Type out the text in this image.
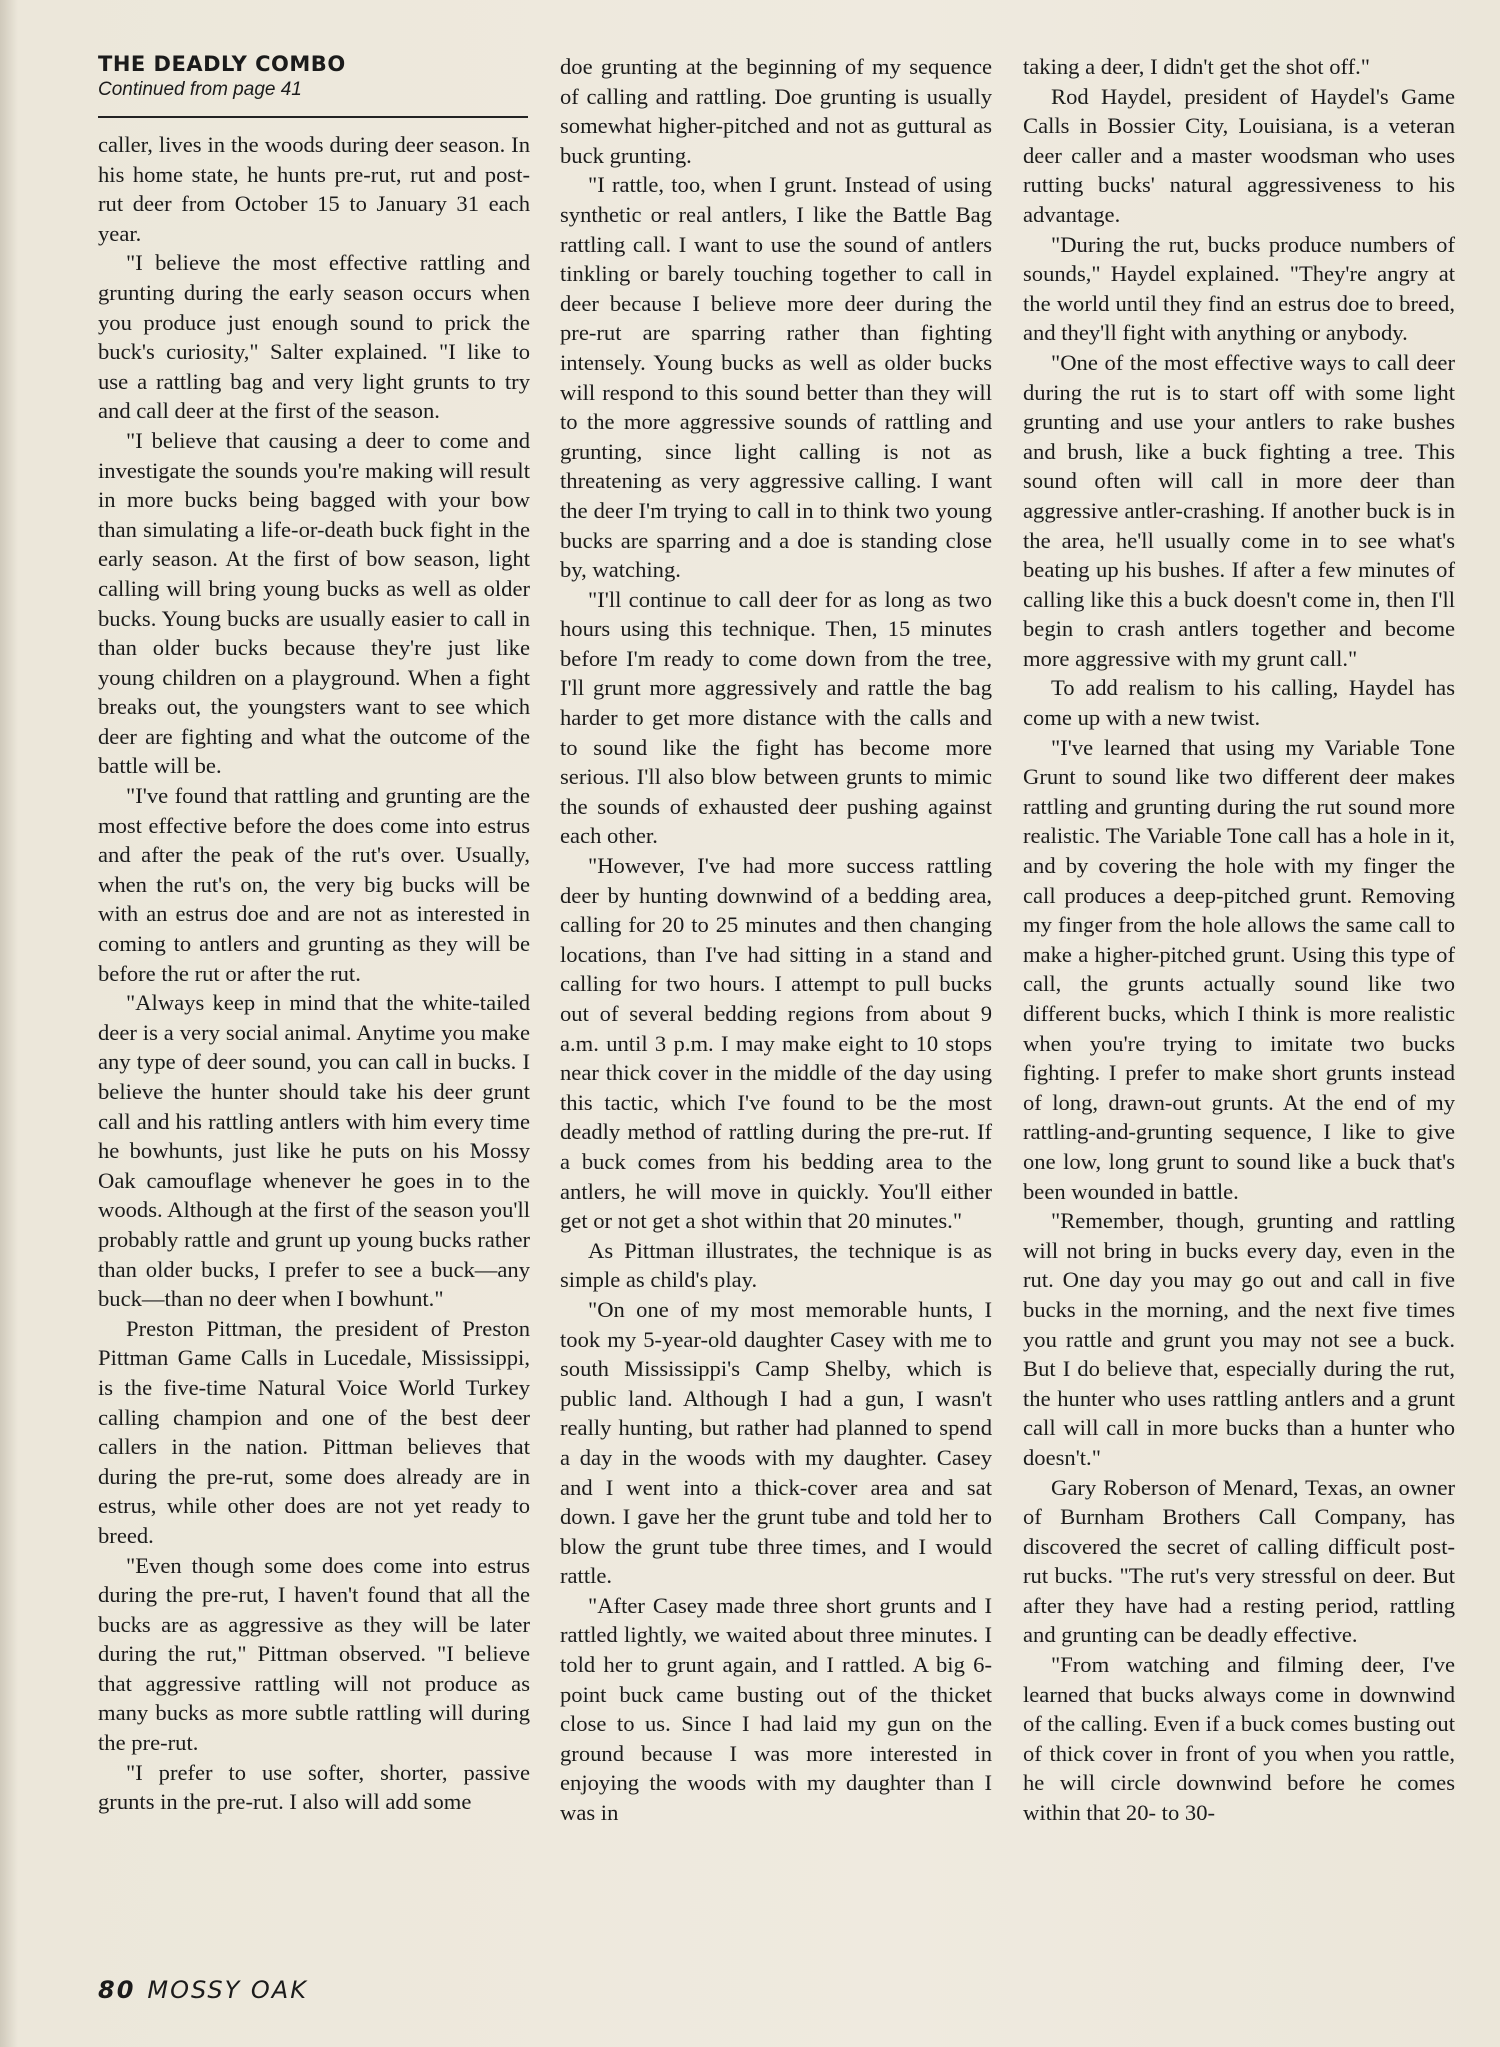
THE DEADLY COMBO
Continued from page 41

caller, lives in the woods during deer season. In his home state, he hunts pre-rut, rut and post-rut deer from October 15 to January 31 each year.

"I believe the most effective rattling and grunting during the early season occurs when you produce just enough sound to prick the buck's curiosity," Salter explained. "I like to use a rattling bag and very light grunts to try and call deer at the first of the season.

"I believe that causing a deer to come and investigate the sounds you're making will result in more bucks being bagged with your bow than simulating a life-or-death buck fight in the early season. At the first of bow season, light calling will bring young bucks as well as older bucks. Young bucks are usually easier to call in than older bucks because they're just like young children on a playground. When a fight breaks out, the youngsters want to see which deer are fighting and what the outcome of the battle will be.

"I've found that rattling and grunting are the most effective before the does come into estrus and after the peak of the rut's over. Usually, when the rut's on, the very big bucks will be with an estrus doe and are not as interested in coming to antlers and grunting as they will be before the rut or after the rut.

"Always keep in mind that the white-tailed deer is a very social animal. Anytime you make any type of deer sound, you can call in bucks. I believe the hunter should take his deer grunt call and his rattling antlers with him every time he bowhunts, just like he puts on his Mossy Oak camouflage whenever he goes in to the woods. Although at the first of the season you'll probably rattle and grunt up young bucks rather than older bucks, I prefer to see a buck—any buck—than no deer when I bowhunt."

Preston Pittman, the president of Preston Pittman Game Calls in Lucedale, Mississippi, is the five-time Natural Voice World Turkey calling champion and one of the best deer callers in the nation. Pittman believes that during the pre-rut, some does already are in estrus, while other does are not yet ready to breed.

"Even though some does come into estrus during the pre-rut, I haven't found that all the bucks are as aggressive as they will be later during the rut," Pittman observed. "I believe that aggressive rattling will not produce as many bucks as more subtle rattling will during the pre-rut.

"I prefer to use softer, shorter, passive grunts in the pre-rut. I also will add some

doe grunting at the beginning of my sequence of calling and rattling. Doe grunting is usually somewhat higher-pitched and not as guttural as buck grunting.

"I rattle, too, when I grunt. Instead of using synthetic or real antlers, I like the Battle Bag rattling call. I want to use the sound of antlers tinkling or barely touching together to call in deer because I believe more deer during the pre-rut are sparring rather than fighting intensely. Young bucks as well as older bucks will respond to this sound better than they will to the more aggressive sounds of rattling and grunting, since light calling is not as threatening as very aggressive calling. I want the deer I'm trying to call in to think two young bucks are sparring and a doe is standing close by, watching.

"I'll continue to call deer for as long as two hours using this technique. Then, 15 minutes before I'm ready to come down from the tree, I'll grunt more aggressively and rattle the bag harder to get more distance with the calls and to sound like the fight has become more serious. I'll also blow between grunts to mimic the sounds of exhausted deer pushing against each other.

"However, I've had more success rattling deer by hunting downwind of a bedding area, calling for 20 to 25 minutes and then changing locations, than I've had sitting in a stand and calling for two hours. I attempt to pull bucks out of several bedding regions from about 9 a.m. until 3 p.m. I may make eight to 10 stops near thick cover in the middle of the day using this tactic, which I've found to be the most deadly method of rattling during the pre-rut. If a buck comes from his bedding area to the antlers, he will move in quickly. You'll either get or not get a shot within that 20 minutes."

As Pittman illustrates, the technique is as simple as child's play.

"On one of my most memorable hunts, I took my 5-year-old daughter Casey with me to south Mississippi's Camp Shelby, which is public land. Although I had a gun, I wasn't really hunting, but rather had planned to spend a day in the woods with my daughter. Casey and I went into a thick-cover area and sat down. I gave her the grunt tube and told her to blow the grunt tube three times, and I would rattle.

"After Casey made three short grunts and I rattled lightly, we waited about three minutes. I told her to grunt again, and I rattled. A big 6-point buck came busting out of the thicket close to us. Since I had laid my gun on the ground because I was more interested in enjoying the woods with my daughter than I was in

taking a deer, I didn't get the shot off."

Rod Haydel, president of Haydel's Game Calls in Bossier City, Louisiana, is a veteran deer caller and a master woodsman who uses rutting bucks' natural aggressiveness to his advantage.

"During the rut, bucks produce numbers of sounds," Haydel explained. "They're angry at the world until they find an estrus doe to breed, and they'll fight with anything or anybody.

"One of the most effective ways to call deer during the rut is to start off with some light grunting and use your antlers to rake bushes and brush, like a buck fighting a tree. This sound often will call in more deer than aggressive antler-crashing. If another buck is in the area, he'll usually come in to see what's beating up his bushes. If after a few minutes of calling like this a buck doesn't come in, then I'll begin to crash antlers together and become more aggressive with my grunt call."

To add realism to his calling, Haydel has come up with a new twist.

"I've learned that using my Variable Tone Grunt to sound like two different deer makes rattling and grunting during the rut sound more realistic. The Variable Tone call has a hole in it, and by covering the hole with my finger the call produces a deep-pitched grunt. Removing my finger from the hole allows the same call to make a higher-pitched grunt. Using this type of call, the grunts actually sound like two different bucks, which I think is more realistic when you're trying to imitate two bucks fighting. I prefer to make short grunts instead of long, drawn-out grunts. At the end of my rattling-and-grunting sequence, I like to give one low, long grunt to sound like a buck that's been wounded in battle.

"Remember, though, grunting and rattling will not bring in bucks every day, even in the rut. One day you may go out and call in five bucks in the morning, and the next five times you rattle and grunt you may not see a buck. But I do believe that, especially during the rut, the hunter who uses rattling antlers and a grunt call will call in more bucks than a hunter who doesn't."

Gary Roberson of Menard, Texas, an owner of Burnham Brothers Call Company, has discovered the secret of calling difficult post-rut bucks. "The rut's very stressful on deer. But after they have had a resting period, rattling and grunting can be deadly effective.

"From watching and filming deer, I've learned that bucks always come in downwind of the calling. Even if a buck comes busting out of thick cover in front of you when you rattle, he will circle downwind before he comes within that 20- to 30-

80 MOSSY OAK
